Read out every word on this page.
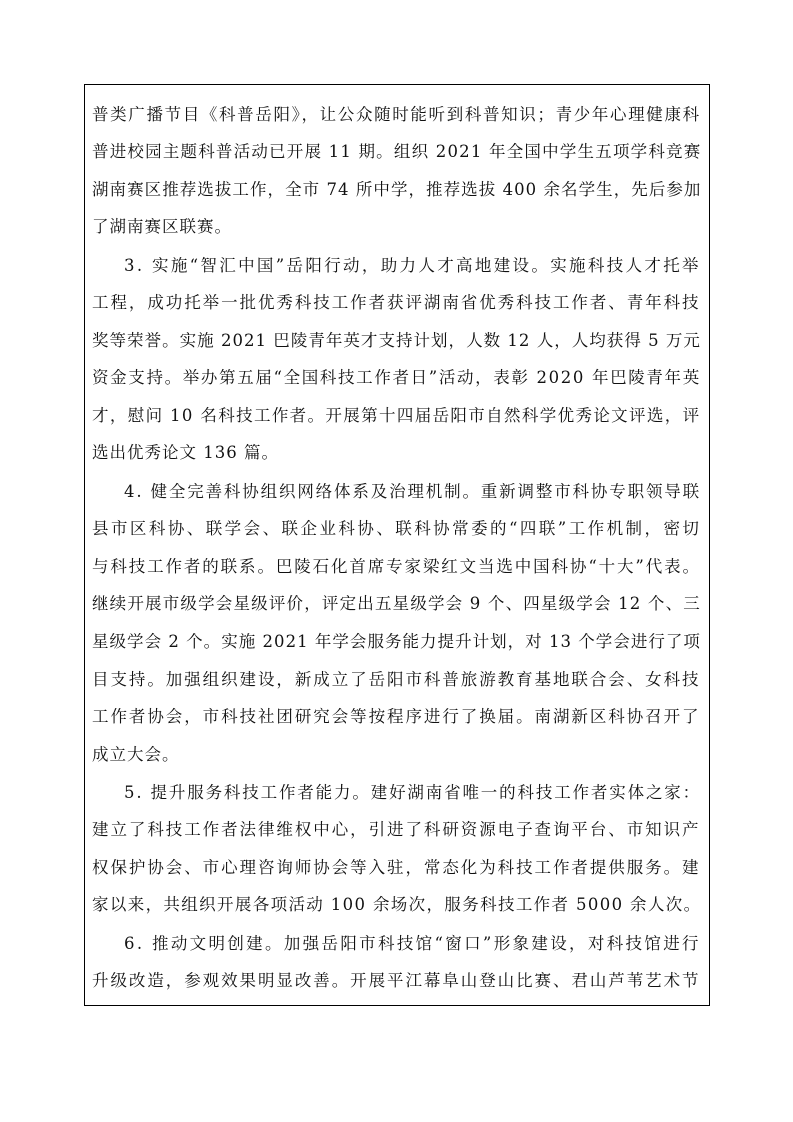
普类广播节目《科普岳阳》，让公众随时能听到科普知识；青少年心理健康科
普进校园主题科普活动已开展 11 期。组织 2021 年全国中学生五项学科竞赛
湖南赛区推荐选拔工作，全市 74 所中学，推荐选拔 400 余名学生，先后参加
了湖南赛区联赛。
3. 实施“智汇中国”岳阳行动，助力人才高地建设。实施科技人才托举
工程，成功托举一批优秀科技工作者获评湖南省优秀科技工作者、青年科技
奖等荣誉。实施 2021 巴陵青年英才支持计划，人数 12 人，人均获得 5 万元
资金支持。举办第五届“全国科技工作者日”活动，表彰 2020 年巴陵青年英
才，慰问 10 名科技工作者。开展第十四届岳阳市自然科学优秀论文评选，评
选出优秀论文 136 篇。
4. 健全完善科协组织网络体系及治理机制。重新调整市科协专职领导联
县市区科协、联学会、联企业科协、联科协常委的“四联”工作机制，密切
与科技工作者的联系。巴陵石化首席专家梁红文当选中国科协“十大”代表。
继续开展市级学会星级评价，评定出五星级学会 9 个、四星级学会 12 个、三
星级学会 2 个。实施 2021 年学会服务能力提升计划，对 13 个学会进行了项
目支持。加强组织建设，新成立了岳阳市科普旅游教育基地联合会、女科技
工作者协会，市科技社团研究会等按程序进行了换届。南湖新区科协召开了
成立大会。
5. 提升服务科技工作者能力。建好湖南省唯一的科技工作者实体之家：
建立了科技工作者法律维权中心，引进了科研资源电子查询平台、市知识产
权保护协会、市心理咨询师协会等入驻，常态化为科技工作者提供服务。建
家以来，共组织开展各项活动 100 余场次，服务科技工作者 5000 余人次。
6. 推动文明创建。加强岳阳市科技馆“窗口”形象建设，对科技馆进行
升级改造，参观效果明显改善。开展平江幕阜山登山比赛、君山芦苇艺术节
